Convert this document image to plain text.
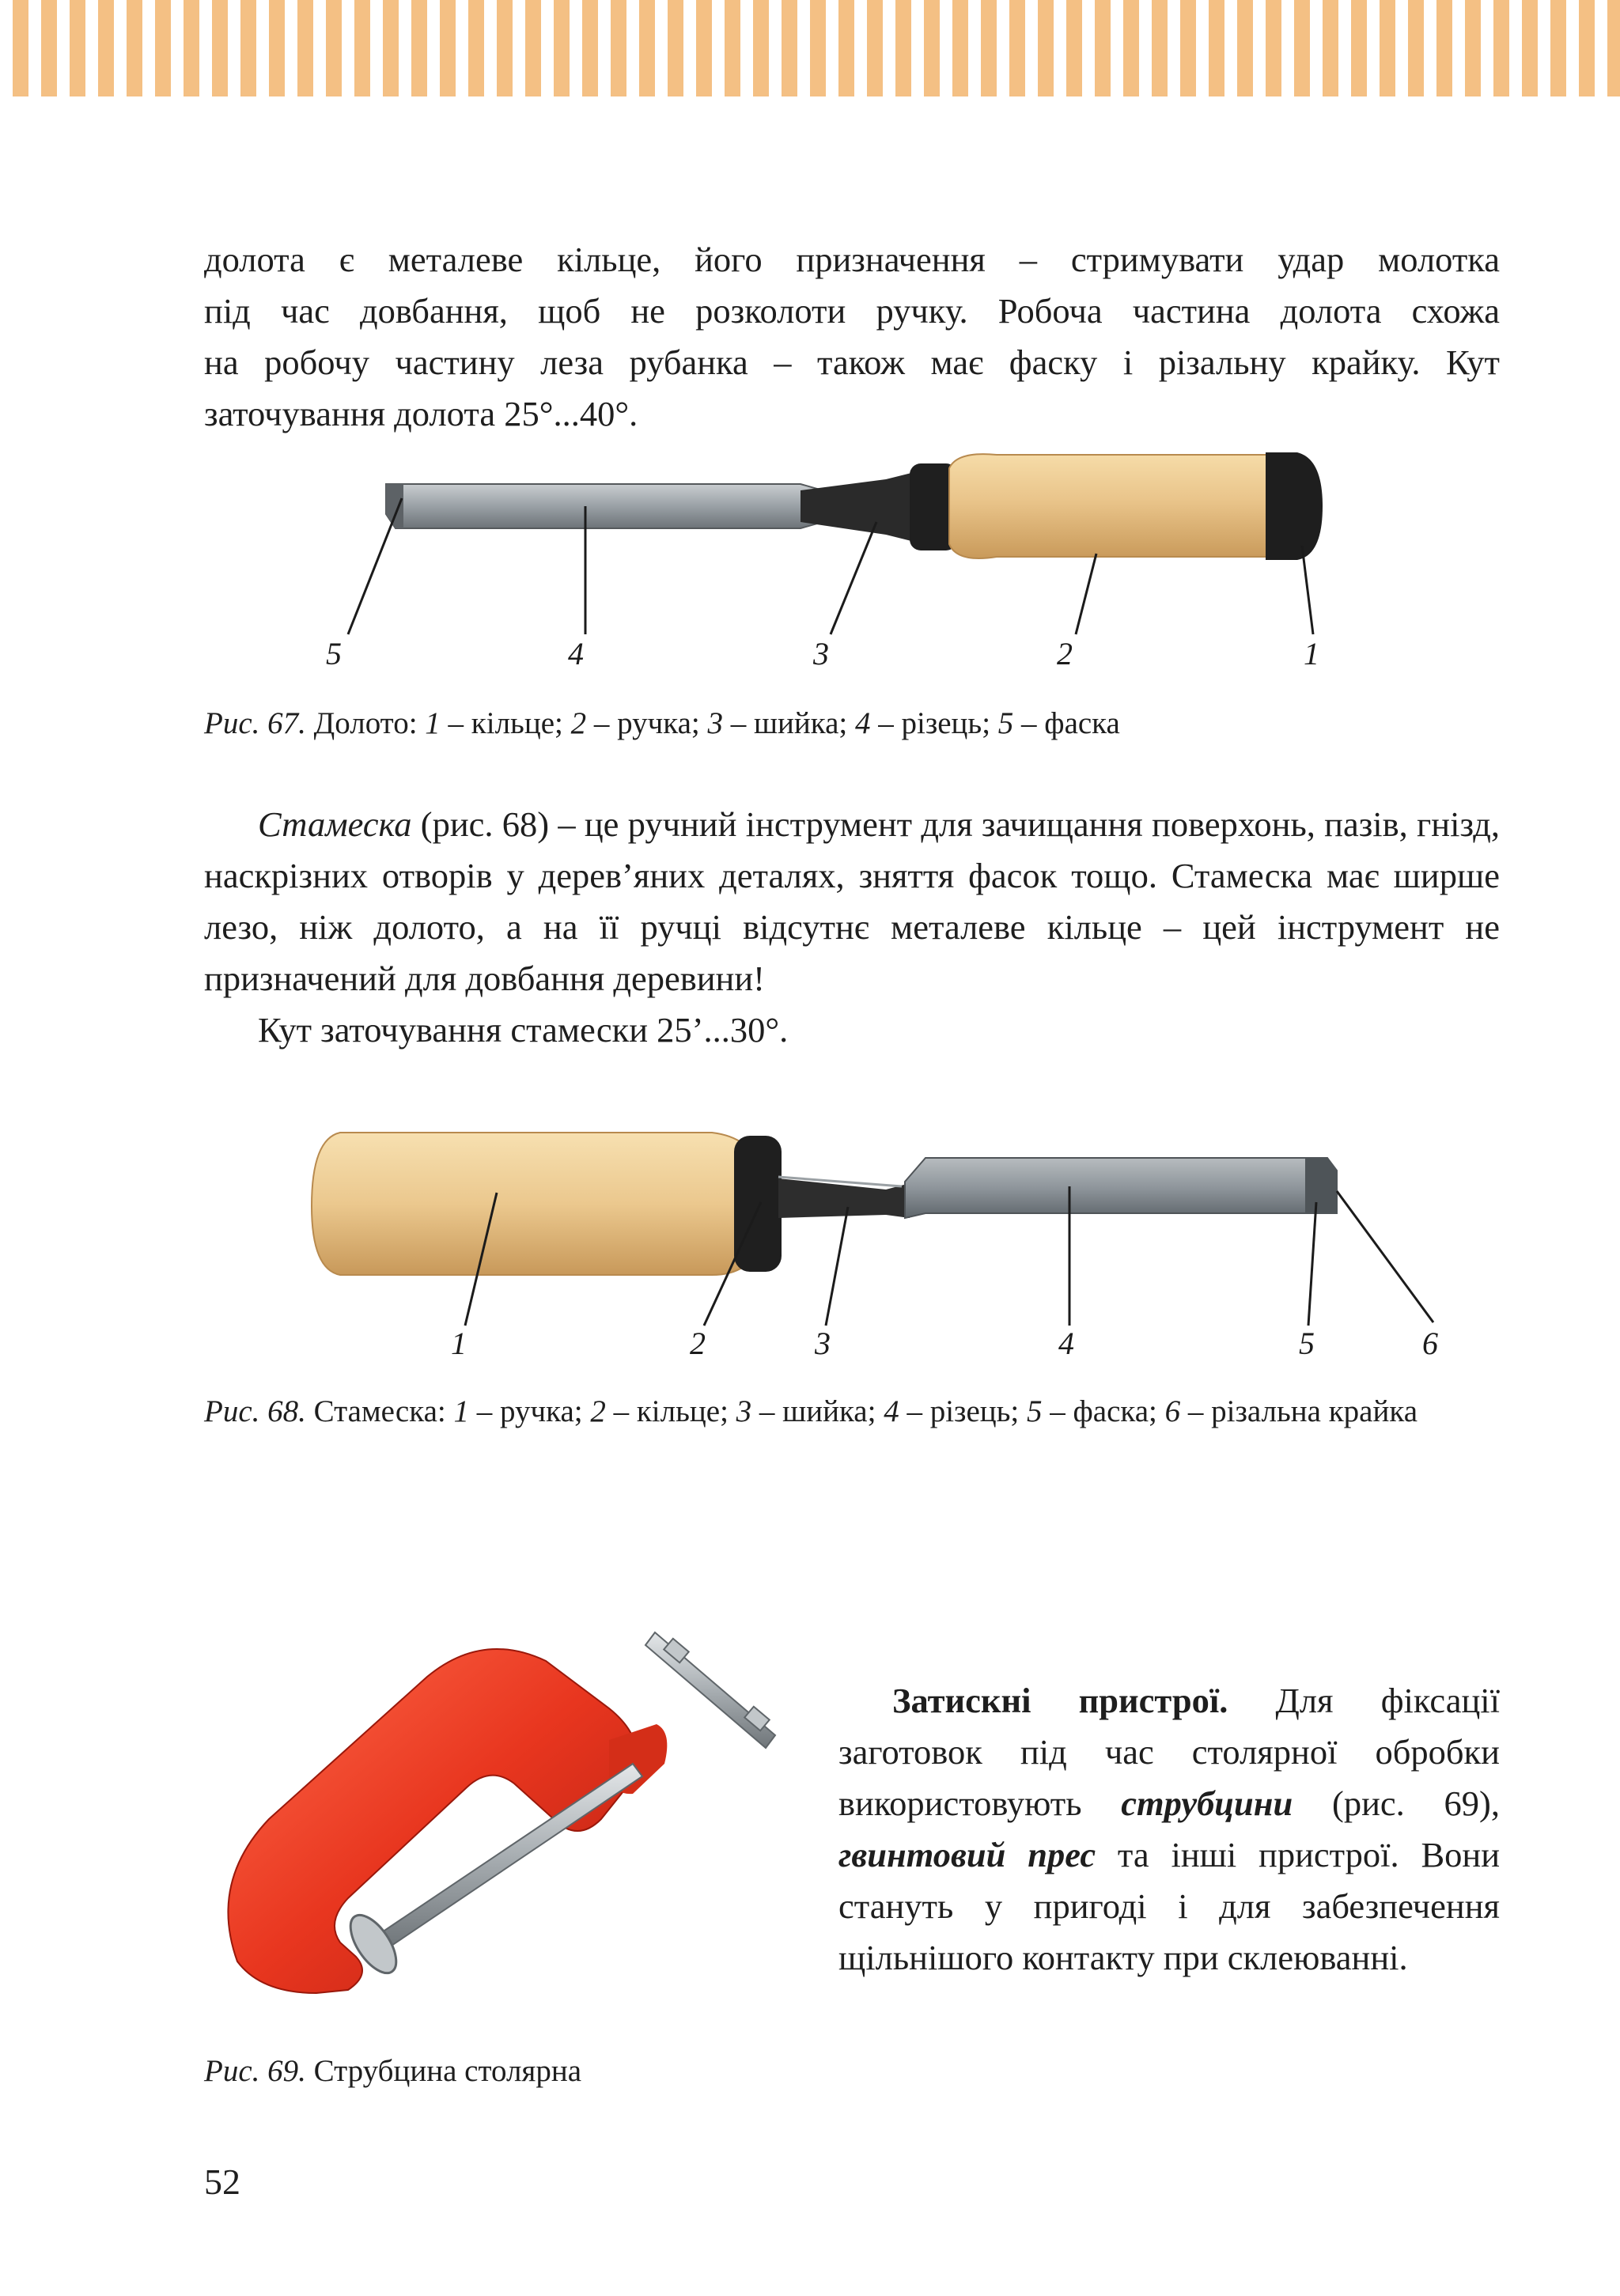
долота є металеве кільце, його призначення – стримувати удар молотка

під час довбання, щоб не розколоти ручку. Робоча частина долота схожа

на робочу частину леза рубанка – також має фаску і різальну крайку. Кут

заточування долота 25°...40°.

5	4	3	2	1
1	2	3	4	5	6
Рис. 67. Долото: 1 – кільце; 2 – ручка; 3 – шийка; 4 – різець; 5 – фаска

Стамеска (рис. 68) – це ручний інструмент для зачищання поверхонь, пазів, гнізд, наскрізних отворів у дерев’яних деталях, зняття фасок тощо. Стамеска має ширше лезо, ніж долото, а на її ручці відсутнє металеве кільце – цей інструмент не призначений для довбання деревини!

Кут заточування стамески 25’...30°.

Рис. 68. Стамеска: 1 – ручка; 2 – кільце; 3 – шийка; 4 – різець; 5 – фаска; 6 – різальна крайка

Затискні пристрої. Для фіксації заготовок під час столярної обробки використовують струбцини (рис. 69), гвинтовий прес та інші пристрої. Вони стануть у пригоді і для забезпечення щільнішого контакту при склеюванні.

Рис. 69. Струбцина столярна
52
